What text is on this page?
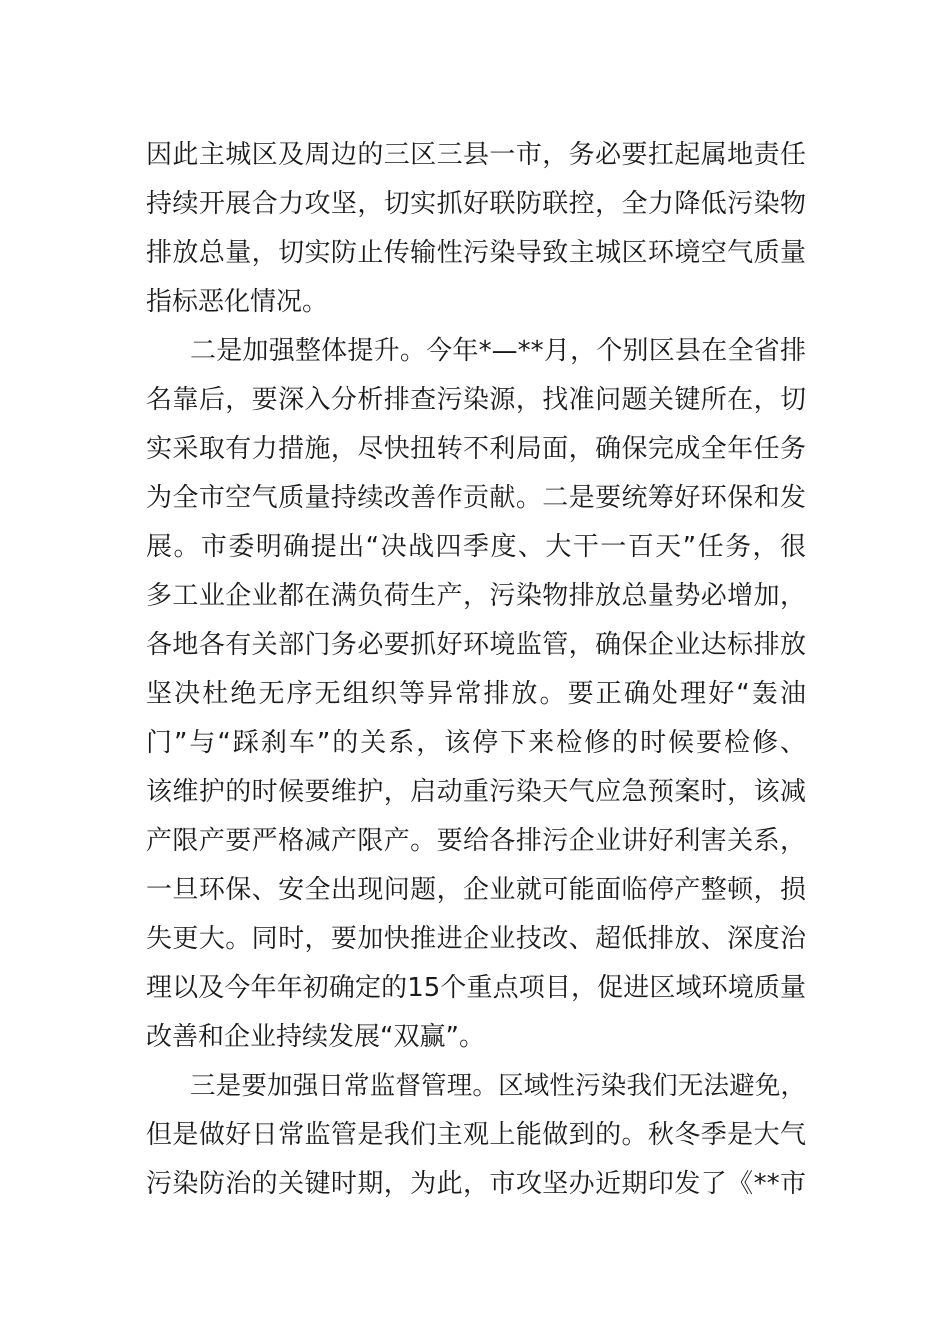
因此主城区及周边的三区三县一市，务必要扛起属地责任
持续开展合力攻坚，切实抓好联防联控，全力降低污染物
排放总量，切实防止传输性污染导致主城区环境空气质量
指标恶化情况。
二是加强整体提升。今年*—**月，个别区县在全省排
名靠后，要深入分析排查污染源，找准问题关键所在，切
实采取有力措施，尽快扭转不利局面，确保完成全年任务
为全市空气质量持续改善作贡献。二是要统筹好环保和发
展。市委明确提出“决战四季度、大干一百天”任务，很
多工业企业都在满负荷生产，污染物排放总量势必增加，
各地各有关部门务必要抓好环境监管，确保企业达标排放
坚决杜绝无序无组织等异常排放。要正确处理好“轰油
门”与“踩刹车”的关系，该停下来检修的时候要检修、
该维护的时候要维护，启动重污染天气应急预案时，该减
产限产要严格减产限产。要给各排污企业讲好利害关系，
一旦环保、安全出现问题，企业就可能面临停产整顿，损
失更大。同时，要加快推进企业技改、超低排放、深度治
理以及今年年初确定的15个重点项目，促进区域环境质量
改善和企业持续发展“双赢”。
三是要加强日常监督管理。区域性污染我们无法避免，
但是做好日常监管是我们主观上能做到的。秋冬季是大气
污染防治的关键时期，为此，市攻坚办近期印发了《**市
